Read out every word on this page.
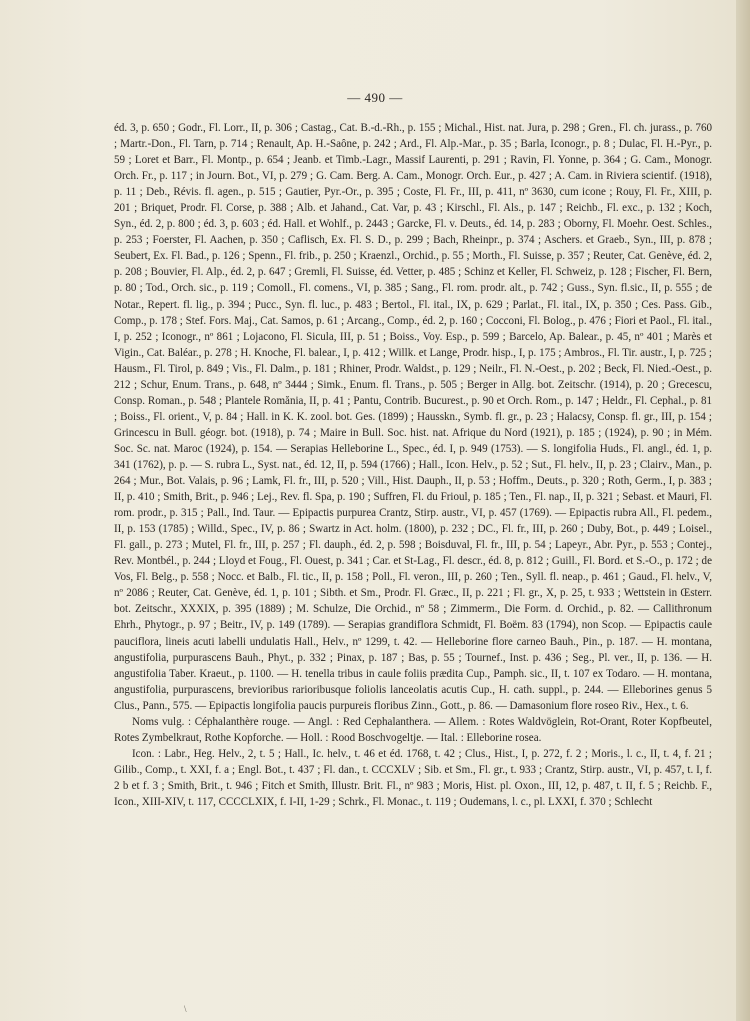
— 490 —

éd. 3, p. 650 ; Godr., Fl. Lorr., II, p. 306 ; Castag., Cat. B.-d.-Rh., p. 155 ; Michal., Hist. nat. Jura, p. 298 ; Gren., Fl. ch. jurass., p. 760 ; Martr.-Don., Fl. Tarn, p. 714 ; Renault, Ap. H.-Saône, p. 242 ; Ard., Fl. Alp.-Mar., p. 35 ; Barla, Iconogr., p. 8 ; Dulac, Fl. H.-Pyr., p. 59 ; Loret et Barr., Fl. Montp., p. 654 ; Jeanb. et Timb.-Lagr., Massif Laurenti, p. 291 ; Ravin, Fl. Yonne, p. 364 ; G. Cam., Monogr. Orch. Fr., p. 117 ; in Journ. Bot., VI, p. 279 ; G. Cam. Berg. A. Cam., Monogr. Orch. Eur., p. 427 ; A. Cam. in Riviera scientif. (1918), p. 11 ; Deb., Révis. fl. agen., p. 515 ; Gautier, Pyr.-Or., p. 395 ; Coste, Fl. Fr., III, p. 411, nº 3630, cum icone ; Rouy, Fl. Fr., XIII, p. 201 ; Briquet, Prodr. Fl. Corse, p. 388 ; Alb. et Jahand., Cat. Var, p. 43 ; Kirschl., Fl. Als., p. 147 ; Reichb., Fl. exc., p. 132 ; Koch, Syn., éd. 2, p. 800 ; éd. 3, p. 603 ; éd. Hall. et Wohlf., p. 2443 ; Garcke, Fl. v. Deuts., éd. 14, p. 283 ; Oborny, Fl. Moehr. Oest. Schles., p. 253 ; Foerster, Fl. Aachen, p. 350 ; Caflisch, Ex. Fl. S. D., p. 299 ; Bach, Rheinpr., p. 374 ; Aschers. et Graeb., Syn., III, p. 878 ; Seubert, Ex. Fl. Bad., p. 126 ; Spenn., Fl. frib., p. 250 ; Kraenzl., Orchid., p. 55 ; Morth., Fl. Suisse, p. 357 ; Reuter, Cat. Genève, éd. 2, p. 208 ; Bouvier, Fl. Alp., éd. 2, p. 647 ; Gremli, Fl. Suisse, éd. Vetter, p. 485 ; Schinz et Keller, Fl. Schweiz, p. 128 ; Fischer, Fl. Bern, p. 80 ; Tod., Orch. sic., p. 119 ; Comoll., Fl. comens., VI, p. 385 ; Sang., Fl. rom. prodr. alt., p. 742 ; Guss., Syn. fl.sic., II, p. 555 ; de Notar., Repert. fl. lig., p. 394 ; Pucc., Syn. fl. luc., p. 483 ; Bertol., Fl. ital., IX, p. 629 ; Parlat., Fl. ital., IX, p. 350 ; Ces. Pass. Gib., Comp., p. 178 ; Stef. Fors. Maj., Cat. Samos, p. 61 ; Arcang., Comp., éd. 2, p. 160 ; Cocconi, Fl. Bolog., p. 476 ; Fiori et Paol., Fl. ital., I, p. 252 ; Iconogr., nº 861 ; Lojacono, Fl. Sicula, III, p. 51 ; Boiss., Voy. Esp., p. 599 ; Barcelo, Ap. Balear., p. 45, nº 401 ; Marès et Vigin., Cat. Baléar., p. 278 ; H. Knoche, Fl. balear., I, p. 412 ; Willk. et Lange, Prodr. hisp., I, p. 175 ; Ambros., Fl. Tir. austr., I, p. 725 ; Hausm., Fl. Tirol, p. 849 ; Vis., Fl. Dalm., p. 181 ; Rhiner, Prodr. Waldst., p. 129 ; Neilr., Fl. N.-Oest., p. 202 ; Beck, Fl. Nied.-Oest., p. 212 ; Schur, Enum. Trans., p. 648, nº 3444 ; Simk., Enum. fl. Trans., p. 505 ; Berger in Allg. bot. Zeitschr. (1914), p. 20 ; Grecescu, Consp. Roman., p. 548 ; Plantele Romănia, II, p. 41 ; Pantu, Contrib. Bucurest., p. 90 et Orch. Rom., p. 147 ; Heldr., Fl. Cephal., p. 81 ; Boiss., Fl. orient., V, p. 84 ; Hall. in K. K. zool. bot. Ges. (1899) ; Hausskn., Symb. fl. gr., p. 23 ; Halacsy, Consp. fl. gr., III, p. 154 ; Grincescu in Bull. géogr. bot. (1918), p. 74 ; Maire in Bull. Soc. hist. nat. Afrique du Nord (1921), p. 185 ; (1924), p. 90 ; in Mém. Soc. Sc. nat. Maroc (1924), p. 154. — Serapias Helleborine L., Spec., éd. I, p. 949 (1753). — S. longifolia Huds., Fl. angl., éd. 1, p. 341 (1762), p. p. — S. rubra L., Syst. nat., éd. 12, II, p. 594 (1766) ; Hall., Icon. Helv., p. 52 ; Sut., Fl. helv., II, p. 23 ; Clairv., Man., p. 264 ; Mur., Bot. Valais, p. 96 ; Lamk, Fl. fr., III, p. 520 ; Vill., Hist. Dauph., II, p. 53 ; Hoffm., Deuts., p. 320 ; Roth, Germ., I, p. 383 ; II, p. 410 ; Smith, Brit., p. 946 ; Lej., Rev. fl. Spa, p. 190 ; Suffren, Fl. du Frioul, p. 185 ; Ten., Fl. nap., II, p. 321 ; Sebast. et Mauri, Fl. rom. prodr., p. 315 ; Pall., Ind. Taur. — Epipactis purpurea Crantz, Stirp. austr., VI, p. 457 (1769). — Epipactis rubra All., Fl. pedem., II, p. 153 (1785) ; Willd., Spec., IV, p. 86 ; Swartz in Act. holm. (1800), p. 232 ; DC., Fl. fr., III, p. 260 ; Duby, Bot., p. 449 ; Loisel., Fl. gall., p. 273 ; Mutel, Fl. fr., III, p. 257 ; Fl. dauph., éd. 2, p. 598 ; Boisduval, Fl. fr., III, p. 54 ; Lapeyr., Abr. Pyr., p. 553 ; Contej., Rev. Montbél., p. 244 ; Lloyd et Foug., Fl. Ouest, p. 341 ; Car. et St-Lag., Fl. descr., éd. 8, p. 812 ; Guill., Fl. Bord. et S.-O., p. 172 ; de Vos, Fl. Belg., p. 558 ; Nocc. et Balb., Fl. tic., II, p. 158 ; Poll., Fl. veron., III, p. 260 ; Ten., Syll. fl. neap., p. 461 ; Gaud., Fl. helv., V, nº 2086 ; Reuter, Cat. Genève, éd. 1, p. 101 ; Sibth. et Sm., Prodr. Fl. Græc., II, p. 221 ; Fl. gr., X, p. 25, t. 933 ; Wettstein in Œsterr. bot. Zeitschr., XXXIX, p. 395 (1889) ; M. Schulze, Die Orchid., nº 58 ; Zimmerm., Die Form. d. Orchid., p. 82. — Callithronum Ehrh., Phytogr., p. 97 ; Beitr., IV, p. 149 (1789). — Serapias grandiflora Schmidt, Fl. Boëm. 83 (1794), non Scop. — Epipactis caule pauciflora, lineis acuti labelli undulatis Hall., Helv., nº 1299, t. 42. — Helleborine flore carneo Bauh., Pin., p. 187. — H. montana, angustifolia, purpurascens Bauh., Phyt., p. 332 ; Pinax, p. 187 ; Bas, p. 55 ; Tournef., Inst. p. 436 ; Seg., Pl. ver., II, p. 136. — H. angustifolia Taber. Kraeut., p. 1100. — H. tenella tribus in caule foliis prædita Cup., Pamph. sic., II, t. 107 ex Todaro. — H. montana, angustifolia, purpurascens, brevioribus rarioribusque foliolis lanceolatis acutis Cup., H. cath. suppl., p. 244. — Elleborines genus 5 Clus., Pann., 575. — Epipactis longifolia paucis purpureis floribus Zinn., Gott., p. 86. — Damasonium flore roseo Riv., Hex., t. 6.

Noms vulg. : Céphalanthère rouge. — Angl. : Red Cephalanthera. — Allem. : Rotes Waldvöglein, Rot-Orant, Roter Kopfbeutel, Rotes Zymbelkraut, Rothe Kopforche. — Holl. : Rood Boschvogeltje. — Ital. : Elleborine rosea.

Icon. : Labr., Heg. Helv., 2, t. 5 ; Hall., Ic. helv., t. 46 et éd. 1768, t. 42 ; Clus., Hist., I, p. 272, f. 2 ; Moris., l. c., II, t. 4, f. 21 ; Gilib., Comp., t. XXI, f. a ; Engl. Bot., t. 437 ; Fl. dan., t. CCCXLV ; Sib. et Sm., Fl. gr., t. 933 ; Crantz, Stirp. austr., VI, p. 457, t. I, f. 2 b et f. 3 ; Smith, Brit., t. 946 ; Fitch et Smith, Illustr. Brit. Fl., nº 983 ; Moris, Hist. pl. Oxon., III, 12, p. 487, t. II, f. 5 ; Reichb. F., Icon., XIII-XIV, t. 117, CCCCLXIX, f. I-II, 1-29 ; Schrk., Fl. Monac., t. 119 ; Oudemans, l. c., pl. LXXI, f. 370 ; Schlecht

\
